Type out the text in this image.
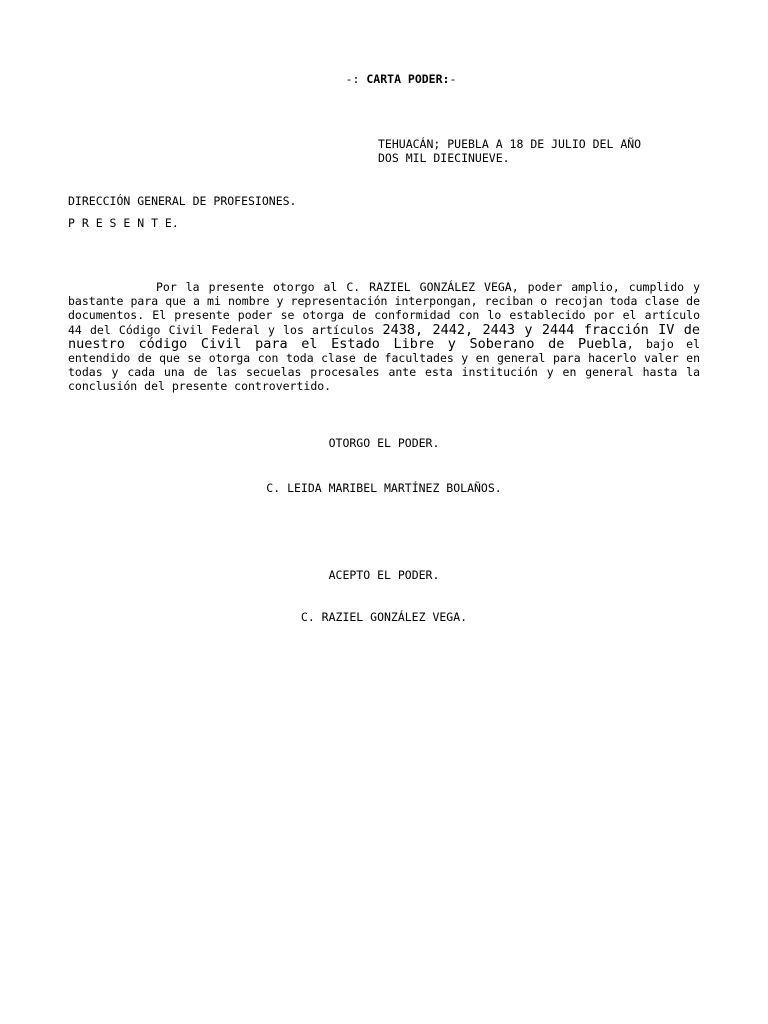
-: CARTA PODER:-
TEHUACÁN; PUEBLA A 18 DE JULIO DEL AÑO
DOS MIL DIECINUEVE.
DIRECCIÓN GENERAL DE PROFESIONES.
P R E S E N T E.
Por la presente otorgo al C. RAZIEL GONZÁLEZ VEGA, poder amplio, cumplido y bastante para que a mi nombre y representación interpongan, reciban o recojan toda clase de documentos. El presente poder se otorga de conformidad con lo establecido por el artículo 44 del Código Civil Federal y los artículos 2438, 2442, 2443 y 2444 fracción IV de nuestro código Civil para el Estado Libre y Soberano de Puebla, bajo el entendido de que se otorga con toda clase de facultades y en general para hacerlo valer en todas y cada una de las secuelas procesales ante esta institución y en general hasta la conclusión del presente controvertido.
OTORGO EL PODER.
C. LEIDA MARIBEL MARTÍNEZ BOLAÑOS.
ACEPTO EL PODER.
C. RAZIEL GONZÁLEZ VEGA.
